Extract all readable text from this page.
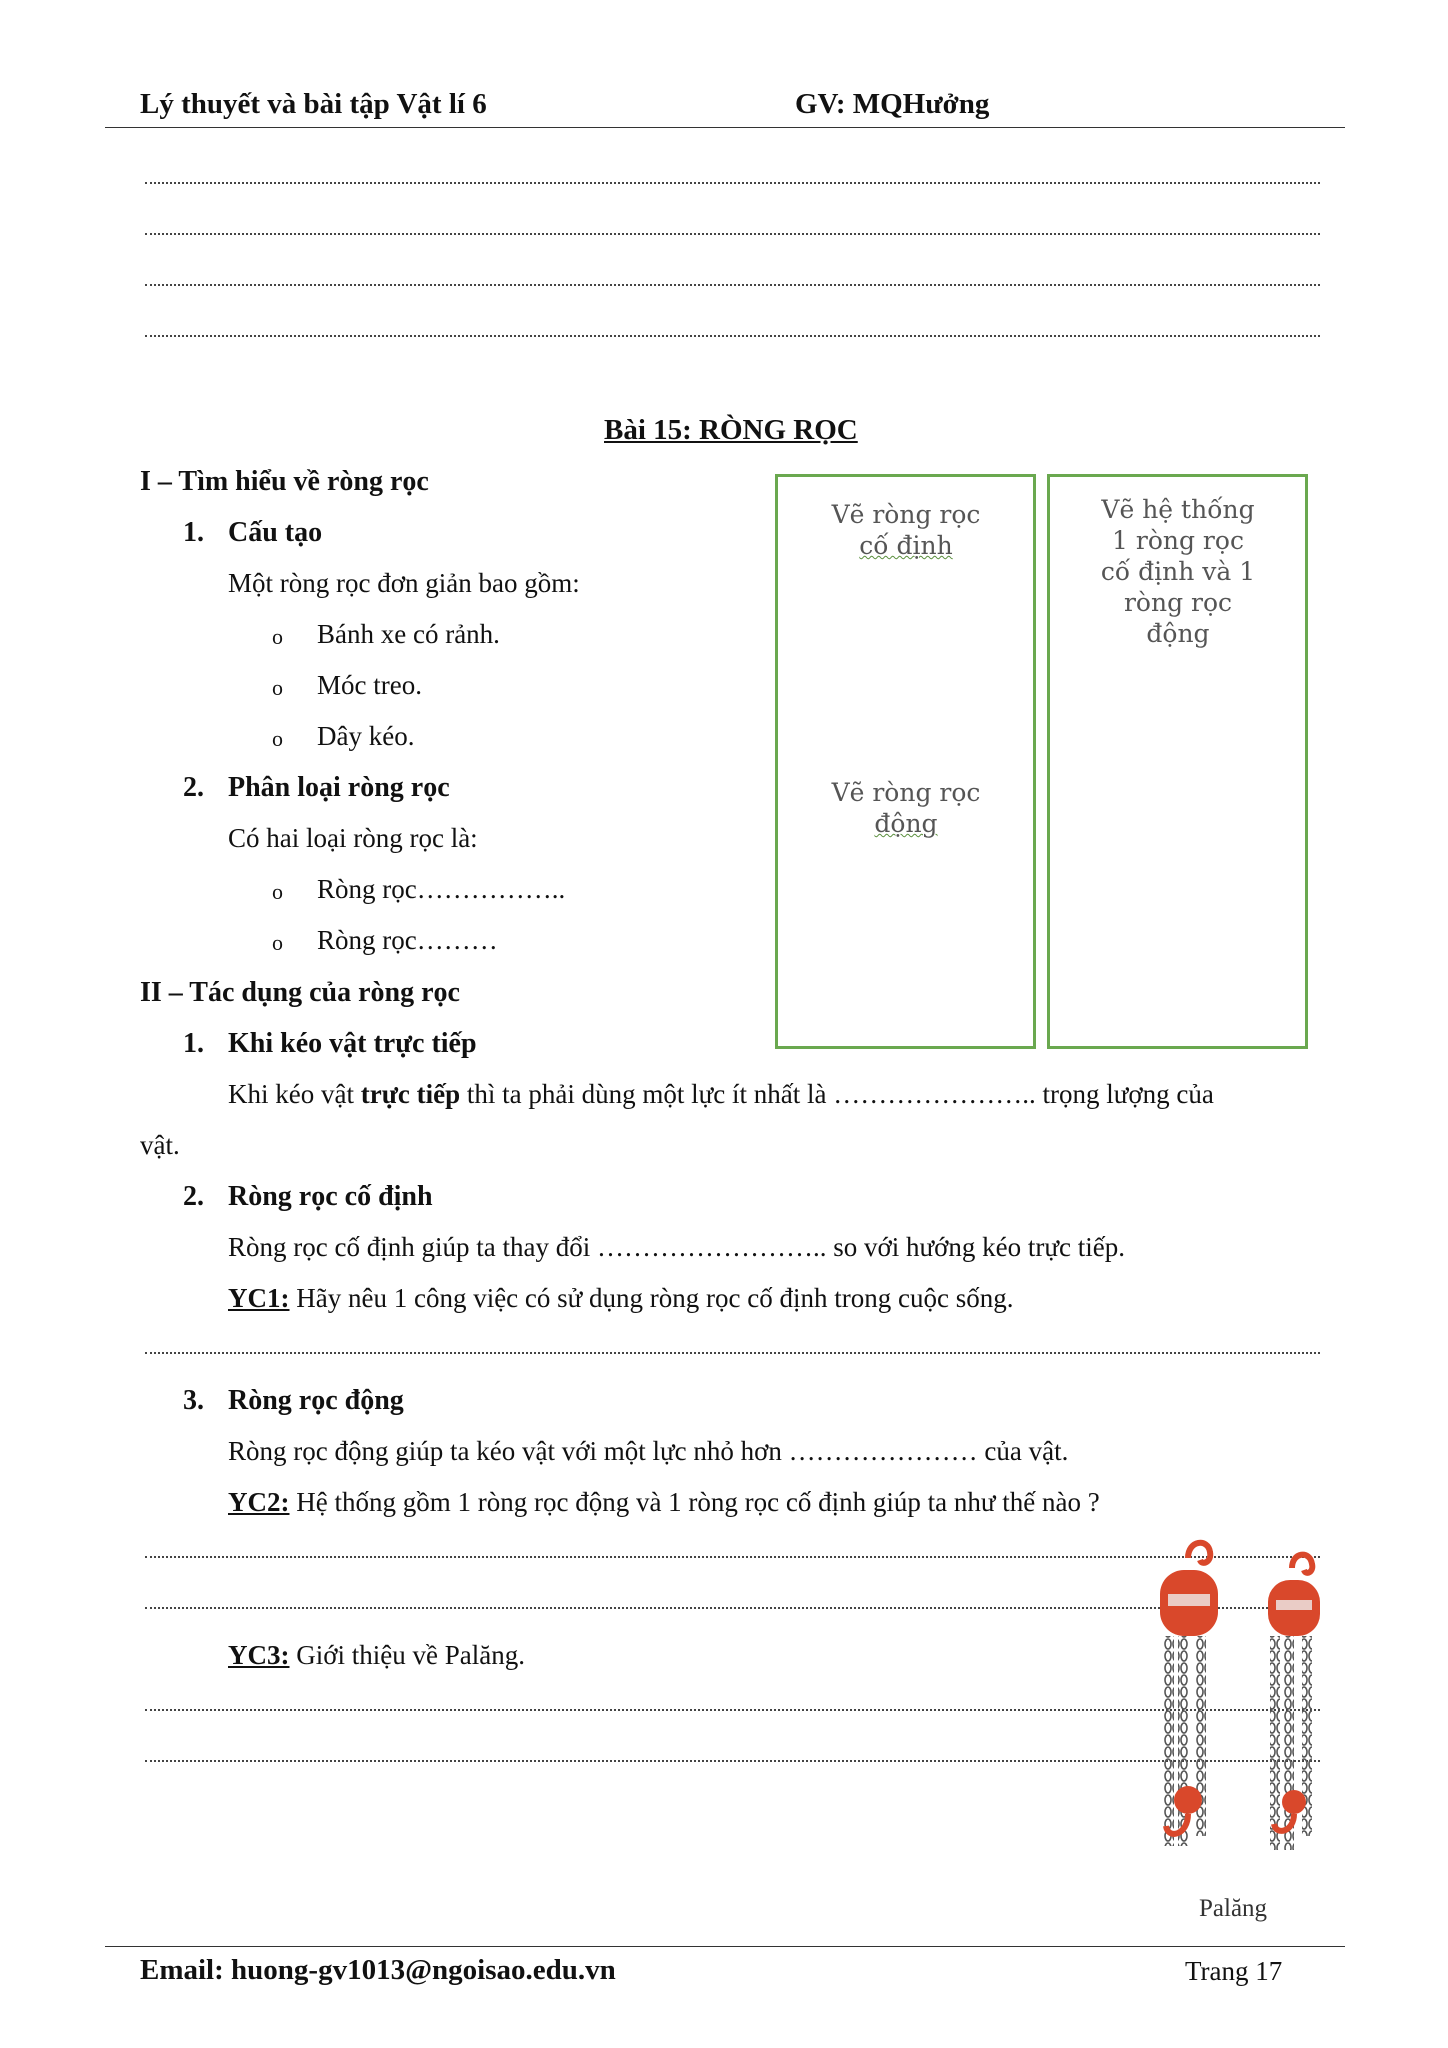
Lý thuyết và bài tập Vật lí 6	GV: MQHưởng
Bài 15: RÒNG RỌC
I – Tìm hiểu về ròng rọc
1. Cấu tạo
Một ròng rọc đơn giản bao gồm:
o Bánh xe có rảnh.
o Móc treo.
o Dây kéo.
2. Phân loại ròng rọc
Có hai loại ròng rọc là:
o Ròng rọc……………..
o Ròng rọc………
Vẽ ròng rọc
cố định
Vẽ ròng rọc
động
Vẽ hệ thống
1 ròng rọc
cố định và 1
ròng rọc
động
II – Tác dụng của ròng rọc
1. Khi kéo vật trực tiếp
Khi kéo vật trực tiếp thì ta phải dùng một lực ít nhất là ………………….. trọng lượng của
vật.
2. Ròng rọc cố định
Ròng rọc cố định giúp ta thay đổi …………………….. so với hướng kéo trực tiếp.
YC1: Hãy nêu 1 công việc có sử dụng ròng rọc cố định trong cuộc sống.
3. Ròng rọc động
Ròng rọc động giúp ta kéo vật với một lực nhỏ hơn ………………… của vật.
YC2: Hệ thống gồm 1 ròng rọc động và 1 ròng rọc cố định giúp ta như thế nào ?
YC3: Giới thiệu về Palăng.
Palăng
Email: huong-gv1013@ngoisao.edu.vn	Trang 17
